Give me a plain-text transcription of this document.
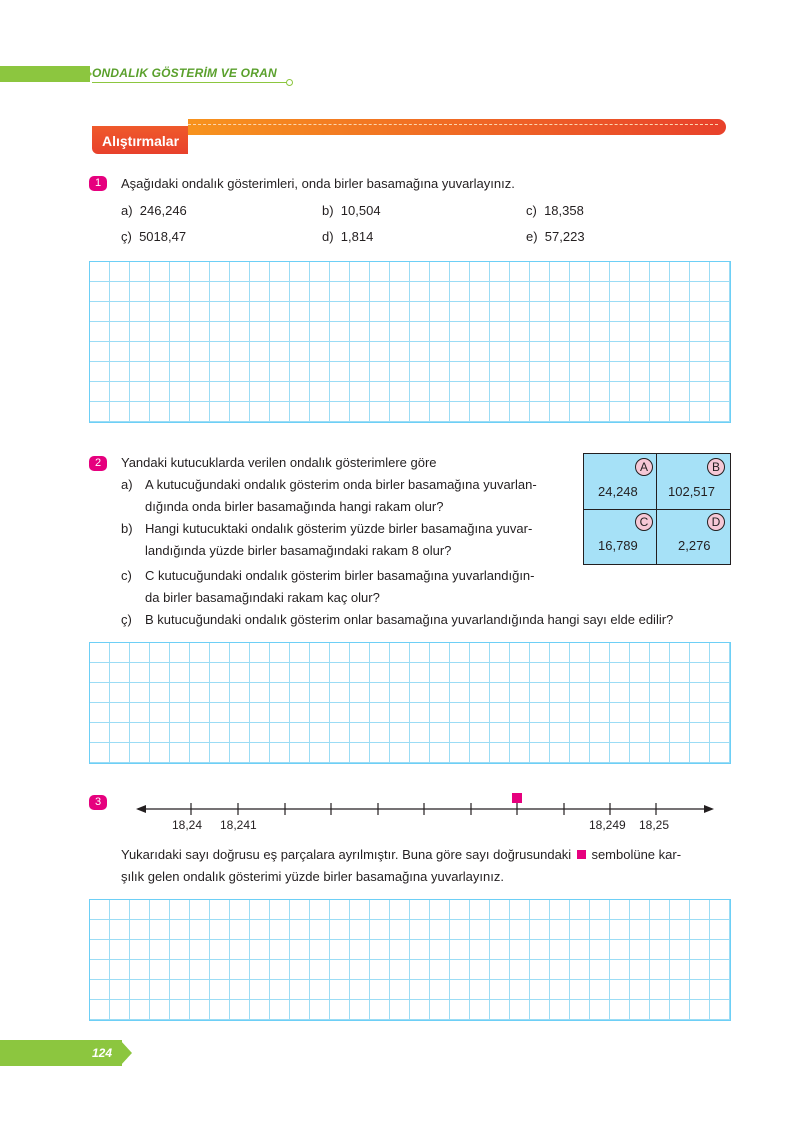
ONDALIK GÖSTERİM VE ORAN
Alıştırmalar
1	Aşağıdaki ondalık gösterimleri, onda birler basamağına yuvarlayınız.
a) 246,246	b) 10,504	c) 18,358
ç) 5018,47	d) 1,814	e) 57,223
2	Yandaki kutucuklarda verilen ondalık gösterimlere göre
a) A kutucuğundaki ondalık gösterim onda birler basamağına yuvarlan-
dığında onda birler basamağında hangi rakam olur?
b) Hangi kutucuktaki ondalık gösterim yüzde birler basamağına yuvar-
landığında yüzde birler basamağındaki rakam 8 olur?
c) C kutucuğundaki ondalık gösterim birler basamağına yuvarlandığın-
da birler basamağındaki rakam kaç olur?
ç) B kutucuğundaki ondalık gösterim onlar basamağına yuvarlandığında hangi sayı elde edilir?
A
24,248
B
102,517
C
16,789
D
2,276
3
18,24 18,241	18,249 18,25
Yukarıdaki sayı doğrusu eş parçalara ayrılmıştır. Buna göre sayı doğrusundaki sembolüne kar-
şılık gelen ondalık gösterimi yüzde birler basamağına yuvarlayınız.
124
